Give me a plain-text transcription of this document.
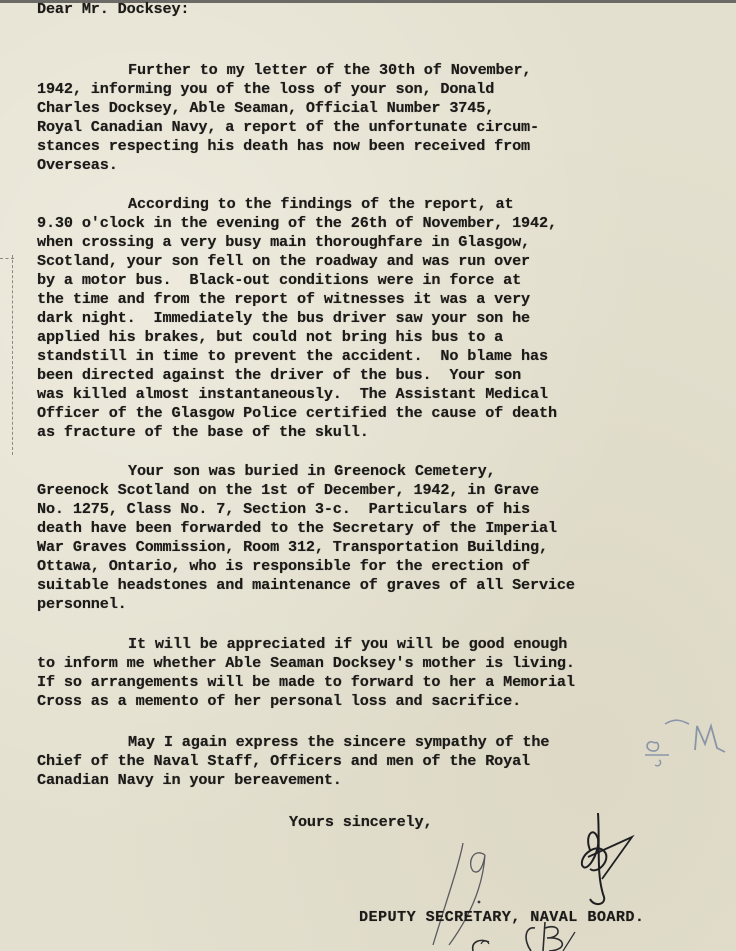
Dear Mr. Docksey:
Further to my letter of the 30th of November,
1942, informing you of the loss of your son, Donald
Charles Docksey, Able Seaman, Official Number 3745,
Royal Canadian Navy, a report of the unfortunate circum-
stances respecting his death has now been received from
Overseas.
According to the findings of the report, at
9.30 o'clock in the evening of the 26th of November, 1942,
when crossing a very busy main thoroughfare in Glasgow,
Scotland, your son fell on the roadway and was run over
by a motor bus.  Black-out conditions were in force at
the time and from the report of witnesses it was a very
dark night.  Immediately the bus driver saw your son he
applied his brakes, but could not bring his bus to a
standstill in time to prevent the accident.  No blame has
been directed against the driver of the bus.  Your son
was killed almost instantaneously.  The Assistant Medical
Officer of the Glasgow Police certified the cause of death
as fracture of the base of the skull.
Your son was buried in Greenock Cemetery,
Greenock Scotland on the 1st of December, 1942, in Grave
No. 1275, Class No. 7, Section 3-c.  Particulars of his
death have been forwarded to the Secretary of the Imperial
War Graves Commission, Room 312, Transportation Building,
Ottawa, Ontario, who is responsible for the erection of
suitable headstones and maintenance of graves of all Service
personnel.
It will be appreciated if you will be good enough
to inform me whether Able Seaman Docksey's mother is living.
If so arrangements will be made to forward to her a Memorial
Cross as a memento of her personal loss and sacrifice.
May I again express the sincere sympathy of the
Chief of the Naval Staff, Officers and men of the Royal
Canadian Navy in your bereavement.
Yours sincerely,
DEPUTY SECRETARY, NAVAL BOARD.
